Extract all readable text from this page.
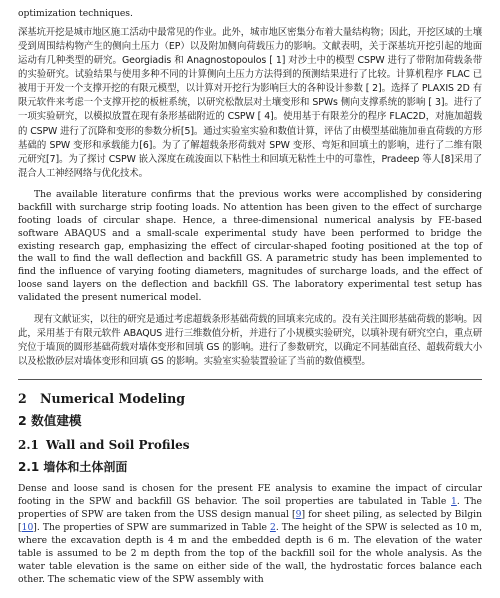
optimization techniques.

深基坑开挖是城市地区施工活动中最常见的作业。此外，城市地区密集分布着大量结构物；因此，开挖区域的土壤受到周围结构物产生的侧向土压力（EP）以及附加侧向荷载压力的影响。文献表明，关于深基坑开挖引起的地面运动有几种类型的研究。Georgiadis 和 Anagnostopoulos [ 1] 对沙土中的模型 CSPW 进行了带附加荷载条带的实验研究。试验结果与使用多种不同的计算侧向土压力方法得到的预测结果进行了比较。计算机程序 FLAC 已被用于开发一个支撑开挖的有限元模型，以计算对开挖行为影响巨大的各种设计参数 [ 2]。选择了 PLAXIS 2D 有限元软件来考虑一个支撑开挖的板桩系统，以研究松散层对土壤变形和 SPWs 侧向支撑系统的影响 [ 3]。进行了一项实验研究，以模拟放置在现有条形基础附近的 CSPW [ 4]。使用基于有限差分的程序 FLAC2D，对施加超载的 CSPW 进行了沉降和变形的参数分析[5]。通过实验室实验和数值计算，评估了由模型基础施加垂直荷载的方形基础的 SPW 变形和承载能力[6]。为了了解超载条形荷载对 SPW 变形、弯矩和回填土的影响，进行了二维有限元研究[7]。为了探讨 CSPW 嵌入深度在疏浚面以下粘性土和回填无粘性土中的可靠性，Pradeep 等人[8]采用了混合人工神经网络与优化技术。

The available literature confirms that the previous works were accomplished by considering backfill with surcharge strip footing loads. No attention has been given to the effect of surcharge footing loads of circular shape. Hence, a three-dimensional numerical analysis by FE-based software ABAQUS and a small-scale experimental study have been performed to bridge the existing research gap, emphasizing the effect of circular-shaped footing positioned at the top of the wall to find the wall deflection and backfill GS. A parametric study has been implemented to find the influence of varying footing diameters, magnitudes of surcharge loads, and the effect of loose sand layers on the deflection and backfill GS. The laboratory experimental test setup has validated the present numerical model.

现有文献证实，以往的研究是通过考虑超载条形基础荷载的回填来完成的。没有关注圆形基础荷载的影响。因此，采用基于有限元软件 ABAQUS 进行三维数值分析，并进行了小规模实验研究，以填补现有研究空白，重点研究位于墙顶的圆形基础荷载对墙体变形和回填 GS 的影响。进行了参数研究，以确定不同基础直径、超载荷载大小以及松散砂层对墙体变形和回填 GS 的影响。实验室实验装置验证了当前的数值模型。

2 Numerical Modeling
2 数值建模
2.1 Wall and Soil Profiles
2.1 墙体和土体剖面

Dense and loose sand is chosen for the present FE analysis to examine the impact of circular footing in the SPW and backfill GS behavior. The soil properties are tabulated in Table 1. The properties of SPW are taken from the USS design manual [9] for sheet piling, as selected by Bilgin [10]. The properties of SPW are summarized in Table 2. The height of the SPW is selected as 10 m, where the excavation depth is 4 m and the embedded depth is 6 m. The elevation of the water table is assumed to be 2 m depth from the top of the backfill soil for the whole analysis. As the water table elevation is the same on either side of the wall, the hydrostatic forces balance each other. The schematic view of the SPW assembly with
